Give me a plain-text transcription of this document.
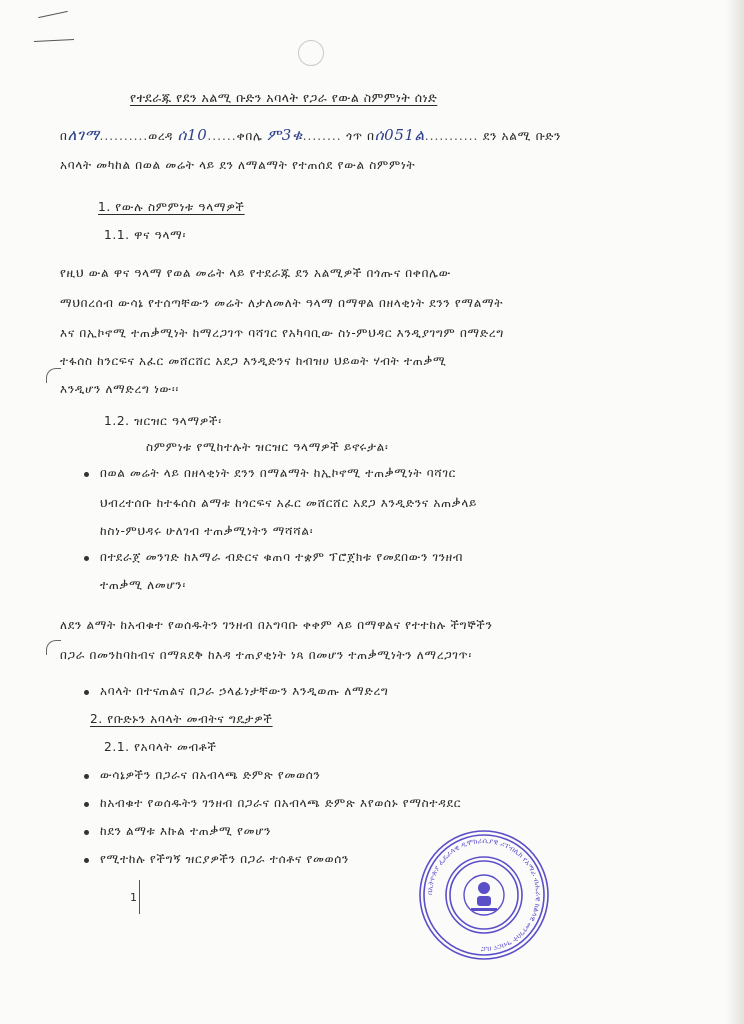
የተደራጁ የደን አልሚ ቡድን አባላት የጋራ የውል ስምምነት ሰነድ
በለገማ..........ወረዳ ሰ10......ቀበሌ ም3ቁ........ ጎጥ በሰ051ል........... ደን አልሚ ቡድን
አባላት መካከል በወል መሬት ላይ ደን ለማልማት የተጠሰደ የውል ስምምነት
1. የውሉ ስምምነቱ ዓላማዎች
1.1. ዋና ዓላማ፡
የዚህ ውል ዋና ዓላማ የወል መሬት ላይ የተደራጁ ደን አልሚዎች በጎጡና በቀበሌው
ማህበረሰብ ውሳኔ የተሰጣቸውን መሬት ለታለመለት ዓላማ በማዋል በዘላቂነት ደንን የማልማት
እና በኢኮኖሚ ተጠቃሚነት ከማረጋገጥ ባሻገር የአካባቢው ስነ-ምህዳር እንዲያገግም በማድረግ
ተፋሰስ ከንርፍና አፈር መሸርሸር አደጋ እንዲድንና ከብዝሀ ህይወት ሃብት ተጠቃሚ
እንዲሆን ለማድረግ ነው፡፡
1.2. ዝርዝር ዓላማዎች፡
ስምምነቱ የሚከተሉት ዝርዝር ዓላማዎች ይኖሩታል፡
በወል መሬት ላይ በዘላቂነት ደንን በማልማት ከኢኮኖሚ ተጠቃሚነት ባሻገር
ህብረተሰቡ ከተፋሰስ ልማቱ ከጎርፍና አፈር መሸርሸር አደጋ እንዲድንና አጠቃላይ
ከስነ-ምህዳሩ ሁለገብ ተጠቃሚነትን ማሻሻል፡
በተደራጀ መንገድ ከእማራ ብድርና ቁጠባ ተቋም ፕሮጀክቱ የመደበውን ገንዘብ
ተጠቃሚ ለመሆን፡
ለደን ልማት ከአብቁተ የወሰዱትን ገንዘብ በአግባቡ ቀቀም ላይ በማዋልና የተተከሉ ችግኞችን
በጋራ በመንከባከብና በማጸደቅ ከእዳ ተጠያቂነት ነጻ በመሆን ተጠቃሚነትን ለማረጋገጥ፡
አባላት በተናጠልና በጋራ ኃላፊነታቸውን እንዲወጡ ለማድረግ
2. የቡድኑን አባላት መብትና ግዴታዎች
2.1. የአባላት መብቶች
ውሳኔዎችን በጋራና በአብላጫ ድምጽ የመወሰን
ከአብቁተ የወሰዱትን ገንዘብ በጋራና በአብላጫ ድምጽ እየወሰኑ የማስተዳደር
ከደን ልማቱ እኩል ተጠቃሚ የመሆን
የሚተከሉ የችግኝ ዝርያዎችን በጋራ ተሰቶና የመወሰን
1	በኢትዮጵያ ፌዴራላዊ ዲሞክራሲያዊ ሪፐብሊክ የአማራ ብሔራዊ ክልላዊ መንግስት ግብርና ቢሮ
